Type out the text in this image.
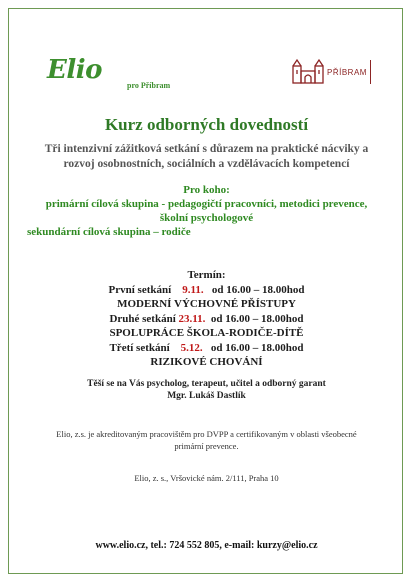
Elio
pro Příbram
PŘÍBRAM
Kurz odborných dovedností
Tři intenzivní zážitková setkání s důrazem na praktické nácviky a
rozvoj osobnostních, sociálních a vzdělávacích kompetencí
Pro koho:
primární cílová skupina - pedagogičtí pracovníci, metodici prevence,
školní psychologové
sekundární cílová skupina – rodiče
Termín:
První setkání 9.11. od 16.00 – 18.00hod
MODERNÍ VÝCHOVNÉ PŘÍSTUPY
Druhé setkání 23.11. od 16.00 – 18.00hod
SPOLUPRÁCE ŠKOLA-RODIČE-DÍTĚ
Třetí setkání 5.12. od 16.00 – 18.00hod
RIZIKOVÉ CHOVÁNÍ
Těší se na Vás psycholog, terapeut, učitel a odborný garant
Mgr. Lukáš Dastlík
Elio, z.s. je akreditovaným pracovištěm pro DVPP a certifikovaným v oblasti všeobecné
primární prevence.
Elio, z. s., Vršovické nám. 2/111, Praha 10
www.elio.cz, tel.: 724 552 805, e-mail: kurzy@elio.cz
